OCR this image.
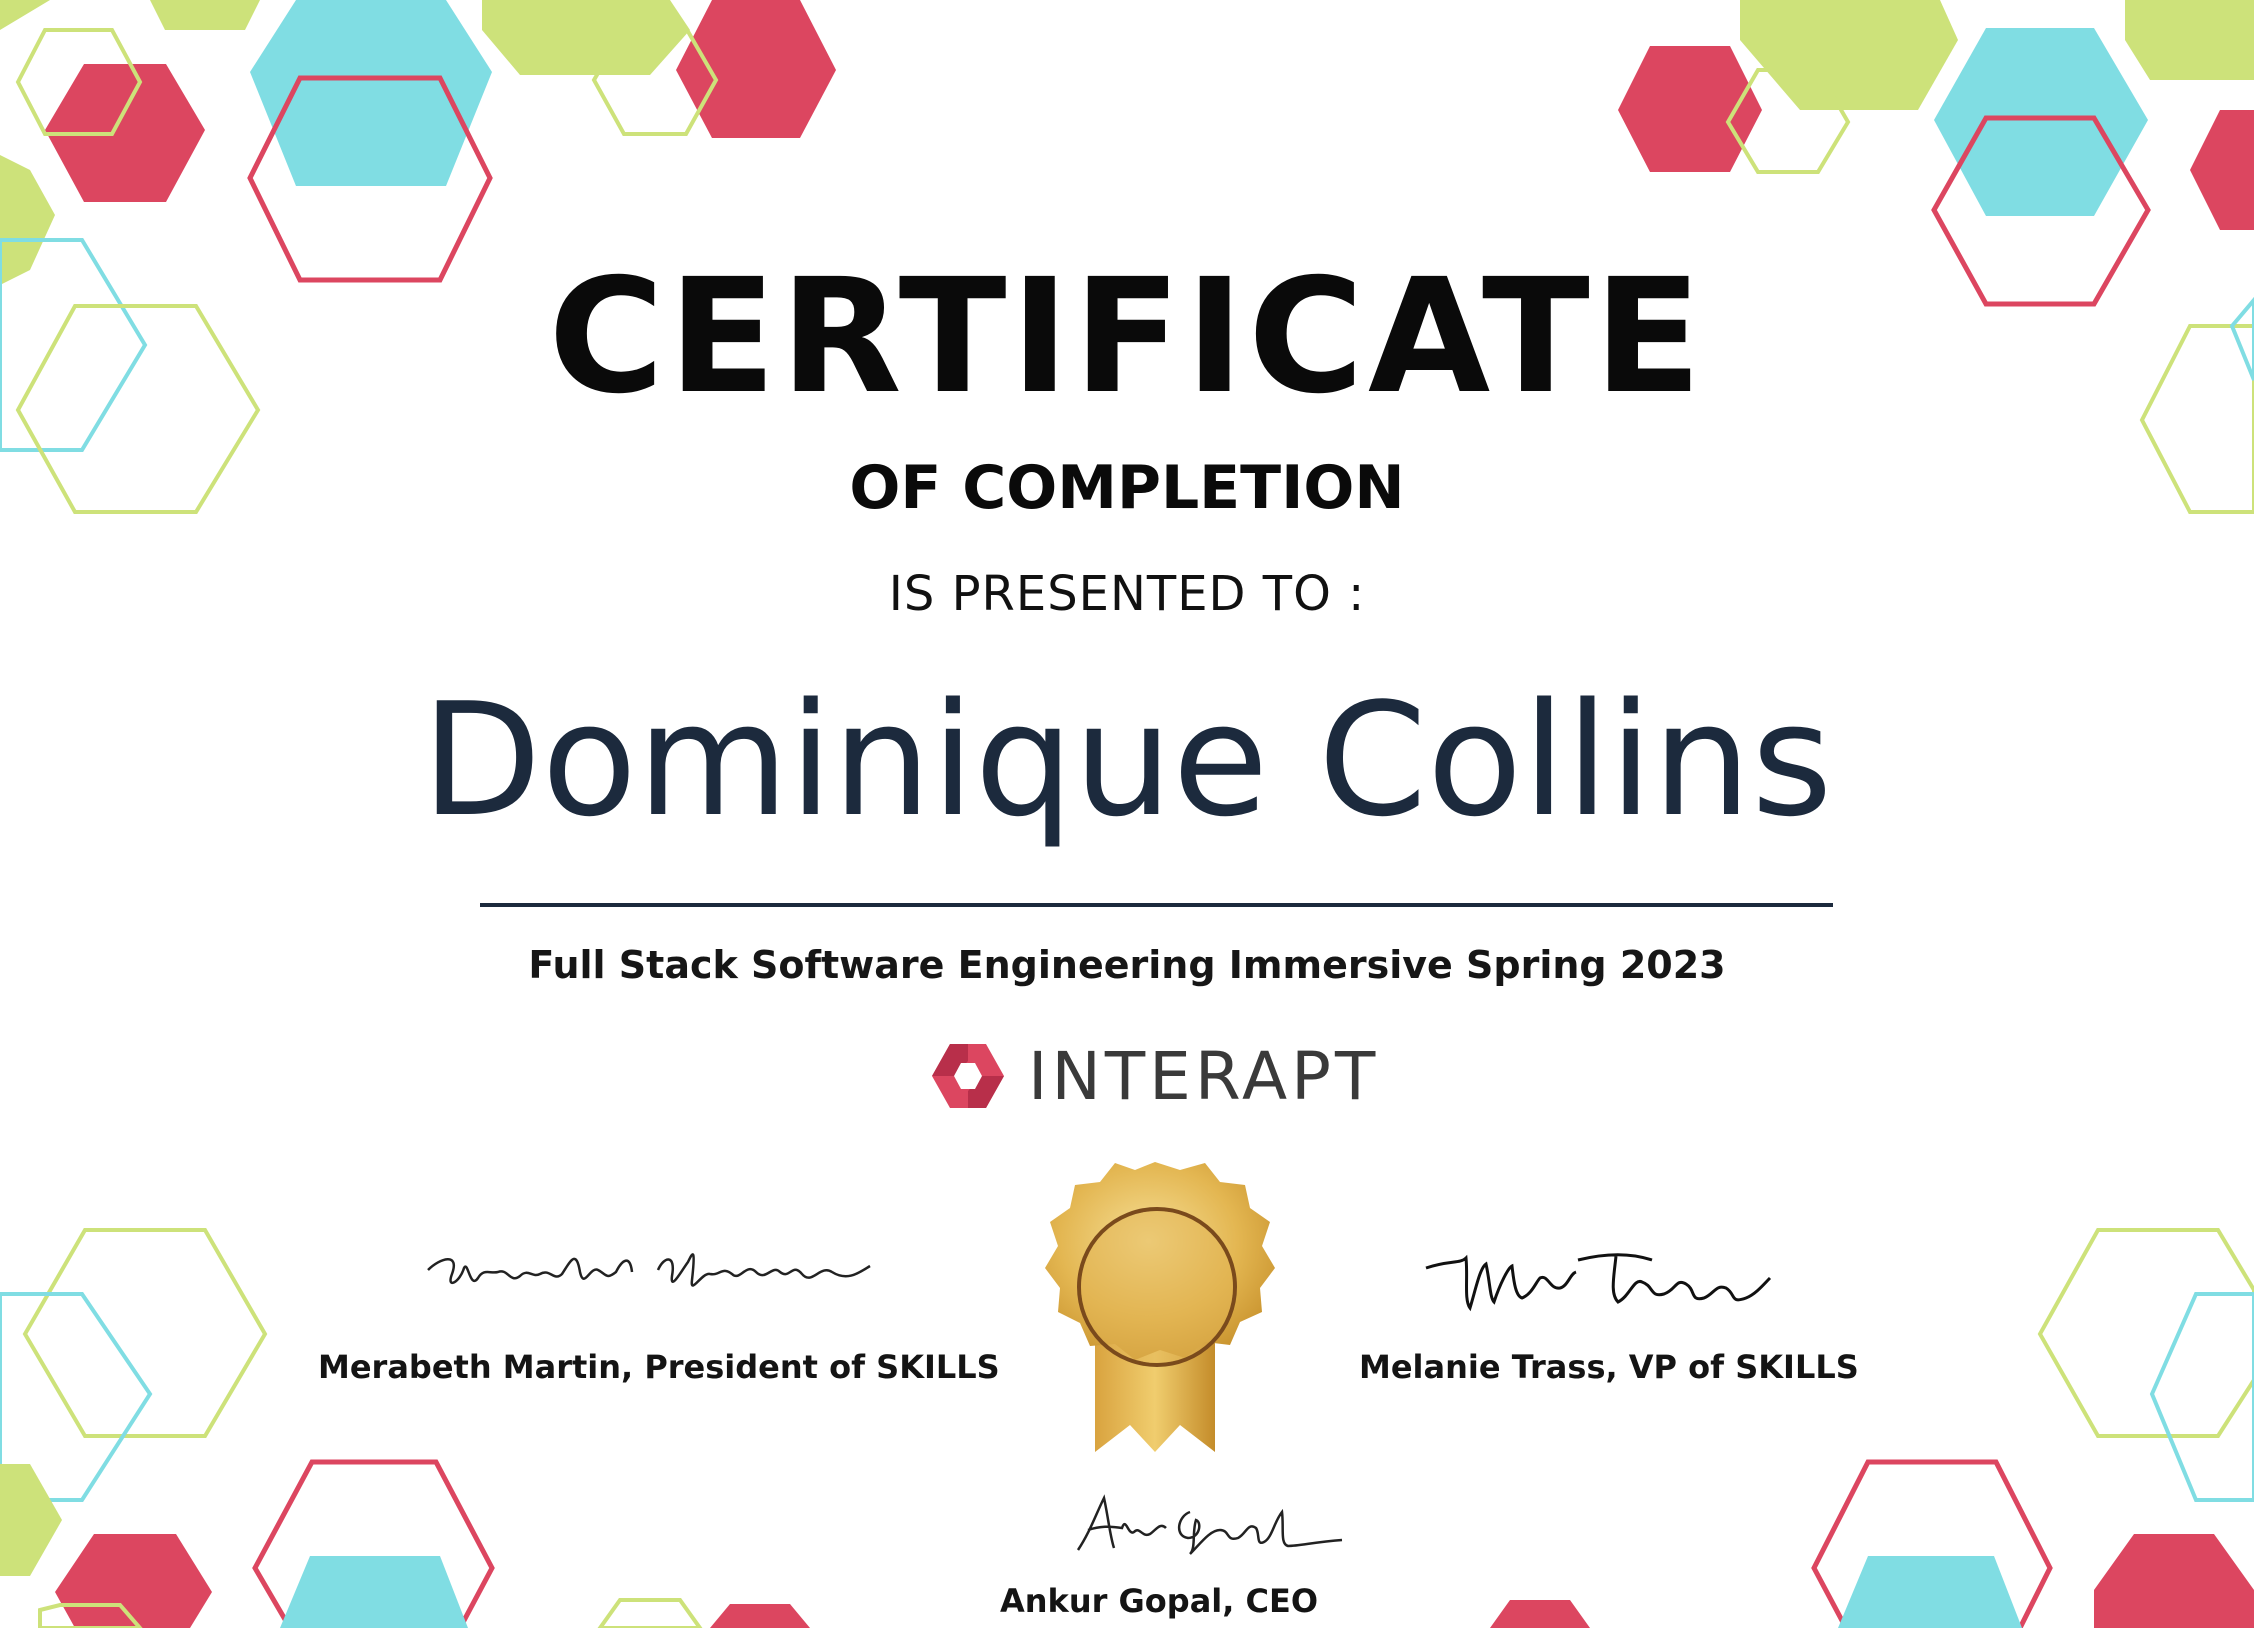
CERTIFICATE
OF COMPLETION

IS PRESENTED TO :

Dominique Collins

Full Stack Software Engineering Immersive Spring 2023

INTERAPT
Merabeth Martin, President of SKILLS	Melanie Trass, VP of SKILLS
Ankur Gopal, CEO
